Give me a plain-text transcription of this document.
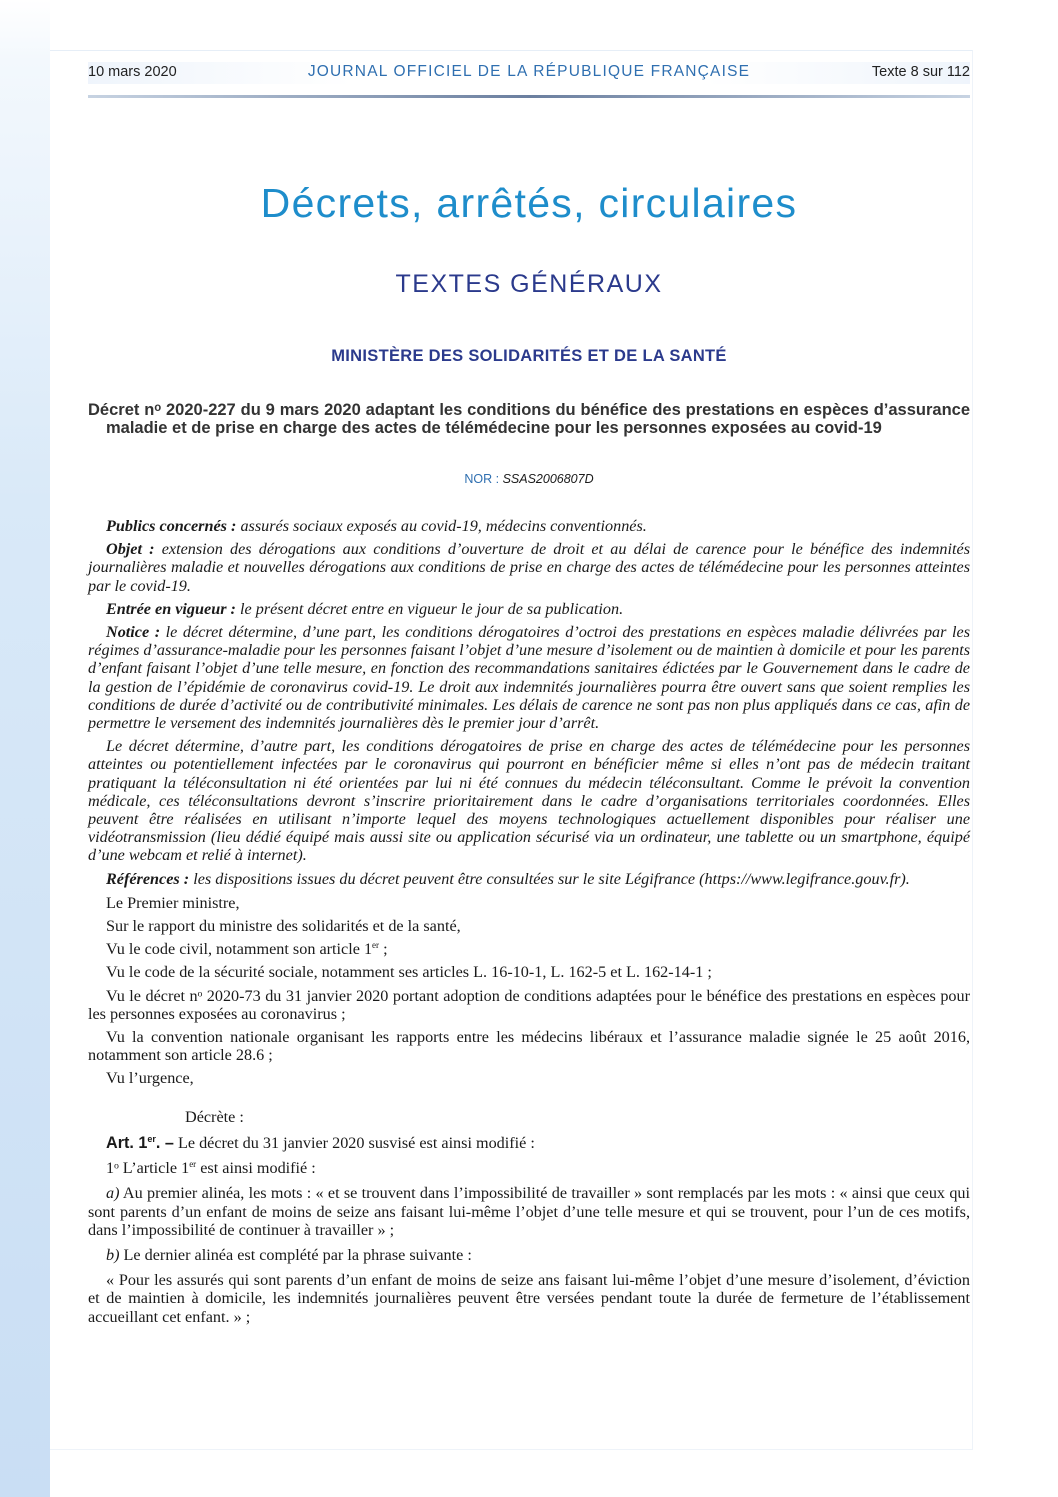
10 mars 2020	JOURNAL OFFICIEL DE LA RÉPUBLIQUE FRANÇAISE	Texte 8 sur 112
Décrets, arrêtés, circulaires
TEXTES GÉNÉRAUX
MINISTÈRE DES SOLIDARITÉS ET DE LA SANTÉ
Décret nᵒ 2020-227 du 9 mars 2020 adaptant les conditions du bénéfice des prestations en espèces d’assurance maladie et de prise en charge des actes de télémédecine pour les personnes exposées au covid-19
NOR : SSAS2006807D

Publics concernés : assurés sociaux exposés au covid-19, médecins conventionnés.

Objet : extension des dérogations aux conditions d’ouverture de droit et au délai de carence pour le bénéfice des indemnités journalières maladie et nouvelles dérogations aux conditions de prise en charge des actes de télémédecine pour les personnes atteintes par le covid-19.

Entrée en vigueur : le présent décret entre en vigueur le jour de sa publication.

Notice : le décret détermine, d’une part, les conditions dérogatoires d’octroi des prestations en espèces maladie délivrées par les régimes d’assurance-maladie pour les personnes faisant l’objet d’une mesure d’isolement ou de maintien à domicile et pour les parents d’enfant faisant l’objet d’une telle mesure, en fonction des recommandations sanitaires édictées par le Gouvernement dans le cadre de la gestion de l’épidémie de coronavirus covid-19. Le droit aux indemnités journalières pourra être ouvert sans que soient remplies les conditions de durée d’activité ou de contributivité minimales. Les délais de carence ne sont pas non plus appliqués dans ce cas, afin de permettre le versement des indemnités journalières dès le premier jour d’arrêt.

Le décret détermine, d’autre part, les conditions dérogatoires de prise en charge des actes de télémédecine pour les personnes atteintes ou potentiellement infectées par le coronavirus qui pourront en bénéficier même si elles n’ont pas de médecin traitant pratiquant la téléconsultation ni été orientées par lui ni été connues du médecin téléconsultant. Comme le prévoit la convention médicale, ces téléconsultations devront s’inscrire prioritairement dans le cadre d’organisations territoriales coordonnées. Elles peuvent être réalisées en utilisant n’importe lequel des moyens technologiques actuellement disponibles pour réaliser une vidéotransmission (lieu dédié équipé mais aussi site ou application sécurisé via un ordinateur, une tablette ou un smartphone, équipé d’une webcam et relié à internet).

Références : les dispositions issues du décret peuvent être consultées sur le site Légifrance (https://www.legifrance.gouv.fr).

Le Premier ministre,

Sur le rapport du ministre des solidarités et de la santé,

Vu le code civil, notamment son article 1er ;

Vu le code de la sécurité sociale, notamment ses articles L. 16-10-1, L. 162-5 et L. 162-14-1 ;

Vu le décret nᵒ 2020-73 du 31 janvier 2020 portant adoption de conditions adaptées pour le bénéfice des prestations en espèces pour les personnes exposées au coronavirus ;

Vu la convention nationale organisant les rapports entre les médecins libéraux et l’assurance maladie signée le 25 août 2016, notamment son article 28.6 ;

Vu l’urgence,

Décrète :

Art. 1er. – Le décret du 31 janvier 2020 susvisé est ainsi modifié :

1ᵒ L’article 1er est ainsi modifié :

a) Au premier alinéa, les mots : « et se trouvent dans l’impossibilité de travailler » sont remplacés par les mots : « ainsi que ceux qui sont parents d’un enfant de moins de seize ans faisant lui-même l’objet d’une telle mesure et qui se trouvent, pour l’un de ces motifs, dans l’impossibilité de continuer à travailler » ;

b) Le dernier alinéa est complété par la phrase suivante :

« Pour les assurés qui sont parents d’un enfant de moins de seize ans faisant lui-même l’objet d’une mesure d’isolement, d’éviction et de maintien à domicile, les indemnités journalières peuvent être versées pendant toute la durée de fermeture de l’établissement accueillant cet enfant. » ;
